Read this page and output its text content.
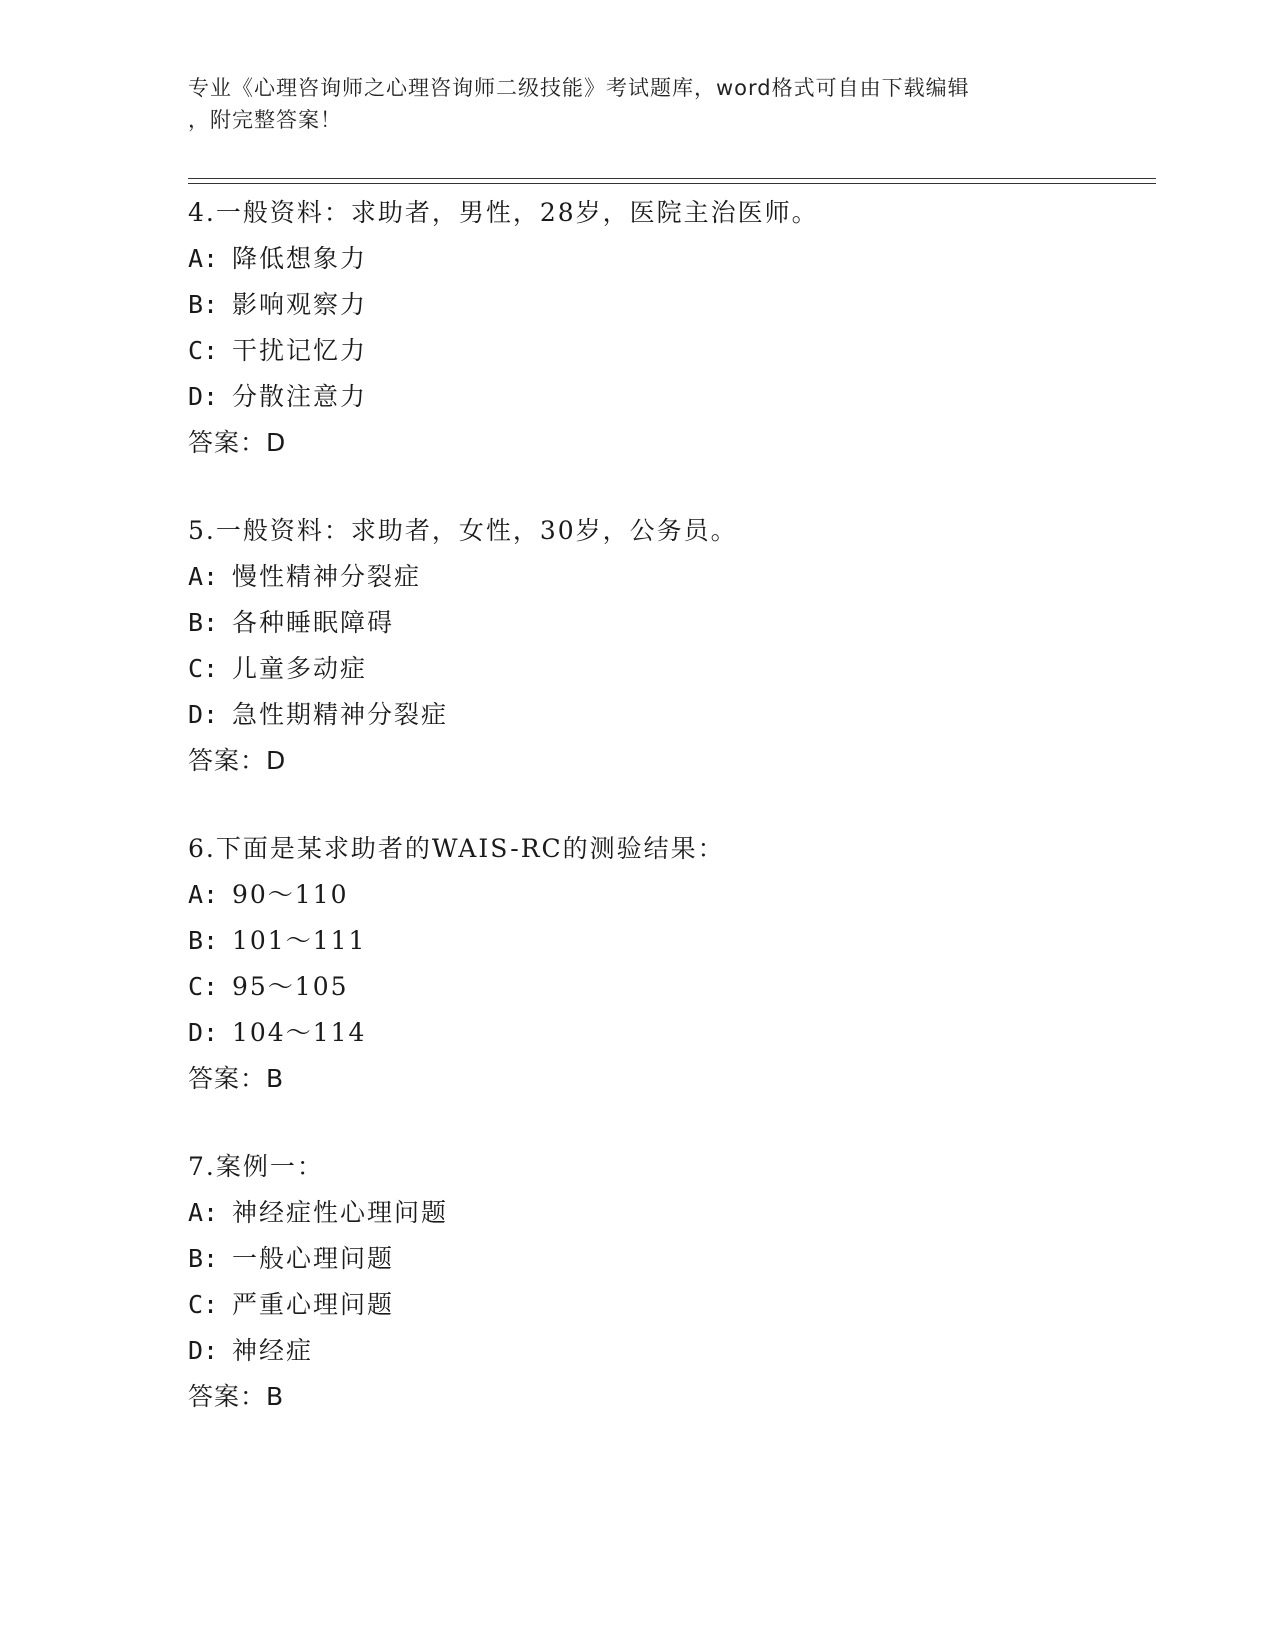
专业《心理咨询师之心理咨询师二级技能》考试题库，word格式可自由下载编辑
，附完整答案！
4.一般资料：求助者，男性，28岁，医院主治医师。
A: 降低想象力
B: 影响观察力
C: 干扰记忆力
D: 分散注意力
答案：D
5.一般资料：求助者，女性，30岁，公务员。
A: 慢性精神分裂症
B: 各种睡眠障碍
C: 儿童多动症
D: 急性期精神分裂症
答案：D
6.下面是某求助者的WAIS-RC的测验结果：
A: 90～110
B: 101～111
C: 95～105
D: 104～114
答案：B
7.案例一：
A: 神经症性心理问题
B: 一般心理问题
C: 严重心理问题
D: 神经症
答案：B
